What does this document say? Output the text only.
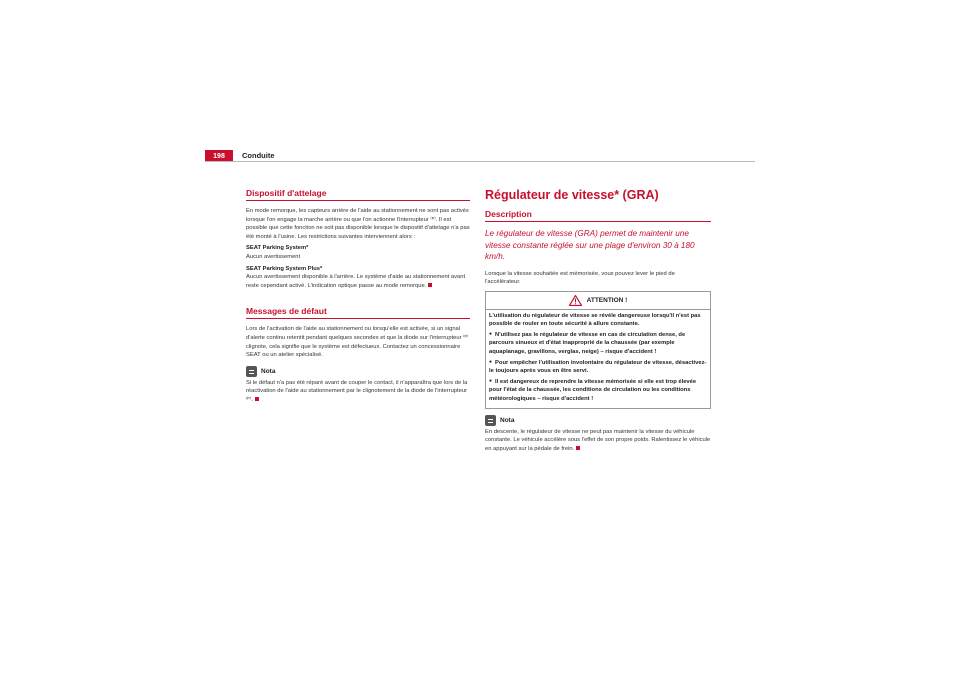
198	Conduite
Dispositif d'attelage

En mode remorque, les capteurs arrière de l'aide au stationnement ne sont pas activés lorsque l'on engage la marche arrière ou que l'on actionne l'interrupteur ⁽ᴾ⁾. Il est possible que cette fonction ne soit pas disponible lorsque le dispositif d'attelage n'a pas été monté à l'usine. Les restrictions suivantes interviennent alors :

SEAT Parking System*

Aucun avertissement

SEAT Parking System Plus*

Aucun avertissement disponible à l'arrière. Le système d'aide au stationnement avant reste cependant activé. L'indication optique passe au mode remorque.

Messages de défaut

Lors de l'activation de l'aide au stationnement ou lorsqu'elle est activée, si un signal d'alerte continu retentit pendant quelques secondes et que la diode sur l'interrupteur ⁽ᴾ⁾ clignote, cela signifie que le système est défectueux. Contactez un concessionnaire SEAT ou un atelier spécialisé.

Nota

Si le défaut n'a pas été réparé avant de couper le contact, il n'apparaîtra que lors de la réactivation de l'aide au stationnement par le clignotement de la diode de l'interrupteur ⁽ᴾ⁾.

Régulateur de vitesse* (GRA)
Description
Le régulateur de vitesse (GRA) permet de maintenir une vitesse constante réglée sur une plage d'environ 30 à 180 km/h.

Lorsque la vitesse souhaitée est mémorisée, vous pouvez lever le pied de l'accélérateur.

ATTENTION !

L'utilisation du régulateur de vitesse se révèle dangereuse lorsqu'il n'est pas possible de rouler en toute sécurité à allure constante.

● N'utilisez pas le régulateur de vitesse en cas de circulation dense, de parcours sinueux et d'état inapproprié de la chaussée (par exemple aquaplanage, gravillons, verglas, neige) – risque d'accident !

● Pour empêcher l'utilisation involontaire du régulateur de vitesse, désactivez-le toujours après vous en être servi.

● Il est dangereux de reprendre la vitesse mémorisée si elle est trop élevée pour l'état de la chaussée, les conditions de circulation ou les conditions météorologiques – risque d'accident !

Nota

En descente, le régulateur de vitesse ne peut pas maintenir la vitesse du véhicule constante. Le véhicule accélère sous l'effet de son propre poids. Ralentissez le véhicule en appuyant sur la pédale de frein.
